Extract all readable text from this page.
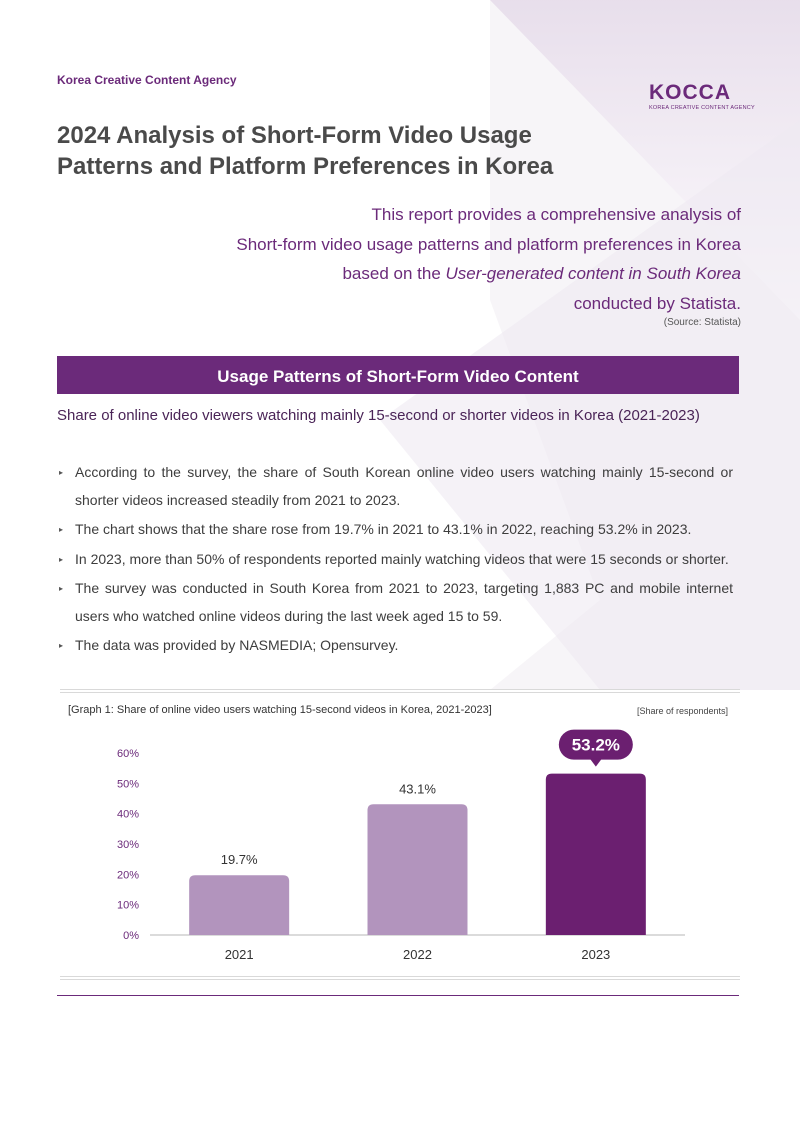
Korea Creative Content Agency
KOCCA
KOREA CREATIVE CONTENT AGENCY
2024 Analysis of Short-Form Video Usage
Patterns and Platform Preferences in Korea
This report provides a comprehensive analysis of
Short-form video usage patterns and platform preferences in Korea
based on the User-generated content in South Korea
conducted by Statista.
(Source: Statista)
Usage Patterns of Short-Form Video Content
Share of online video viewers watching mainly 15-second or shorter videos in Korea (2021-2023)
▸ According to the survey, the share of South Korean online video users watching mainly 15-second or shorter videos increased steadily from 2021 to 2023.
▸ The chart shows that the share rose from 19.7% in 2021 to 43.1% in 2022, reaching 53.2% in 2023.
▸ In 2023, more than 50% of respondents reported mainly watching videos that were 15 seconds or shorter.
▸ The survey was conducted in South Korea from 2021 to 2023, targeting 1,883 PC and mobile internet users who watched online videos during the last week aged 15 to 59.
▸ The data was provided by NASMEDIA; Opensurvey.
[Graph 1: Share of online video users watching 15-second videos in Korea, 2021-2023]	[Share of respondents]
0%
10%
20%
30%
40%
50%
60%
2021
19.7%
2022
43.1%
2023
53.2%
